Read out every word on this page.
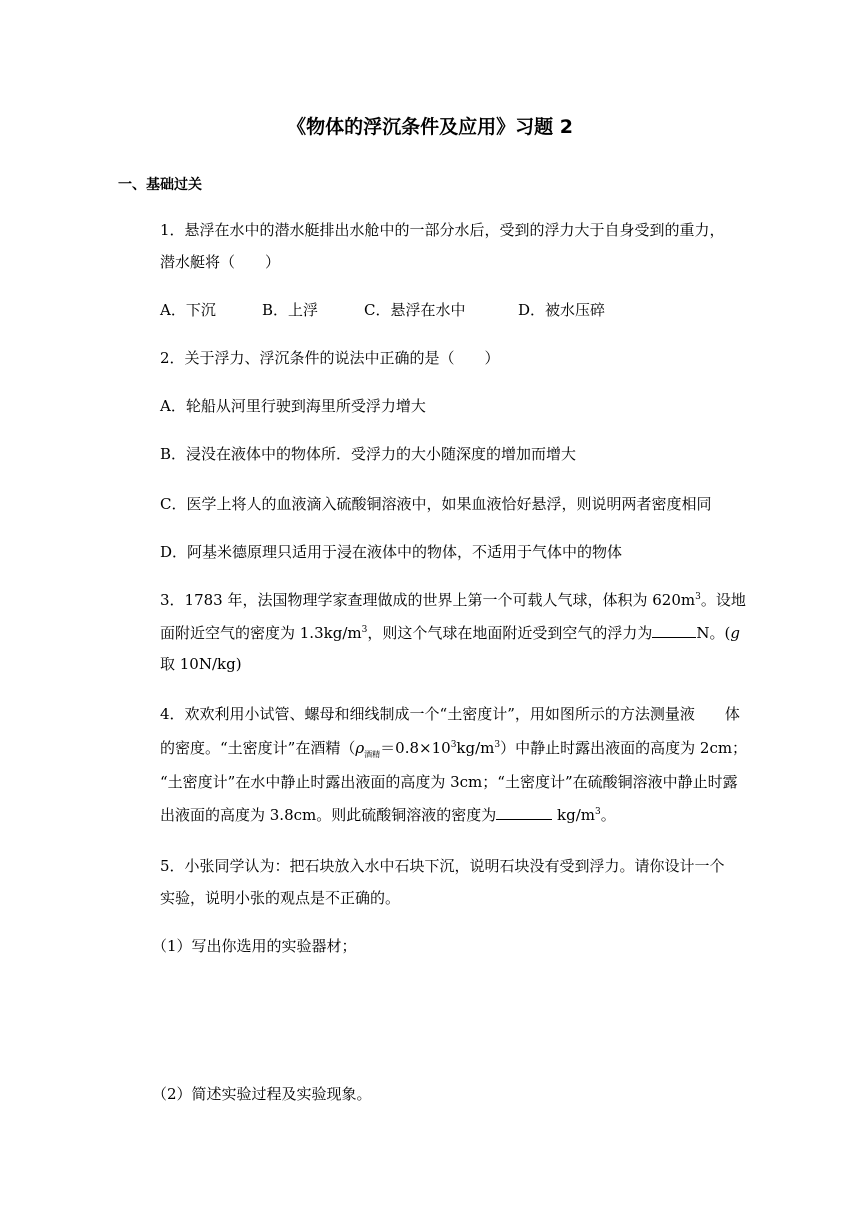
《物体的浮沉条件及应用》习题 2
一、基础过关
1．悬浮在水中的潜水艇排出水舱中的一部分水后，受到的浮力大于自身受到的重力，
潜水艇将（　　）
A．下沉	B．上浮	C．悬浮在水中	D．被水压碎
2．关于浮力、浮沉条件的说法中正确的是（　　）
A．轮船从河里行驶到海里所受浮力增大
B．浸没在液体中的物体所．受浮力的大小随深度的增加而增大
C．医学上将人的血液滴入硫酸铜溶液中，如果血液恰好悬浮，则说明两者密度相同
D．阿基米德原理只适用于浸在液体中的物体，不适用于气体中的物体
3．1783 年，法国物理学家查理做成的世界上第一个可载人气球，体积为 $620m^3$。设地
面附近空气的密度为 $1.3kg/m^3$，则这个气球在地面附近受到空气的浮力为	N。(g
取 10N/kg)
4．欢欢利用小试管、螺母和细线制成一个“土密度计”，用如图所示的方法测量液　　体
的密度。“土密度计”在酒精$(\rho_{酒精}=0.8\times 10^3kg/m^3)$中静止时露出液面的高度为 2cm；
“土密度计”在水中静止时露出液面的高度为 3cm；“土密度计”在硫酸铜溶液中静止时露
出液面的高度为 3.8cm。则此硫酸铜溶液的密度为	$kg/m^3$。
5．小张同学认为：把石块放入水中石块下沉，说明石块没有受到浮力。请你设计一个
实验，说明小张的观点是不正确的。
（1）写出你选用的实验器材；
（2）简述实验过程及实验现象。
